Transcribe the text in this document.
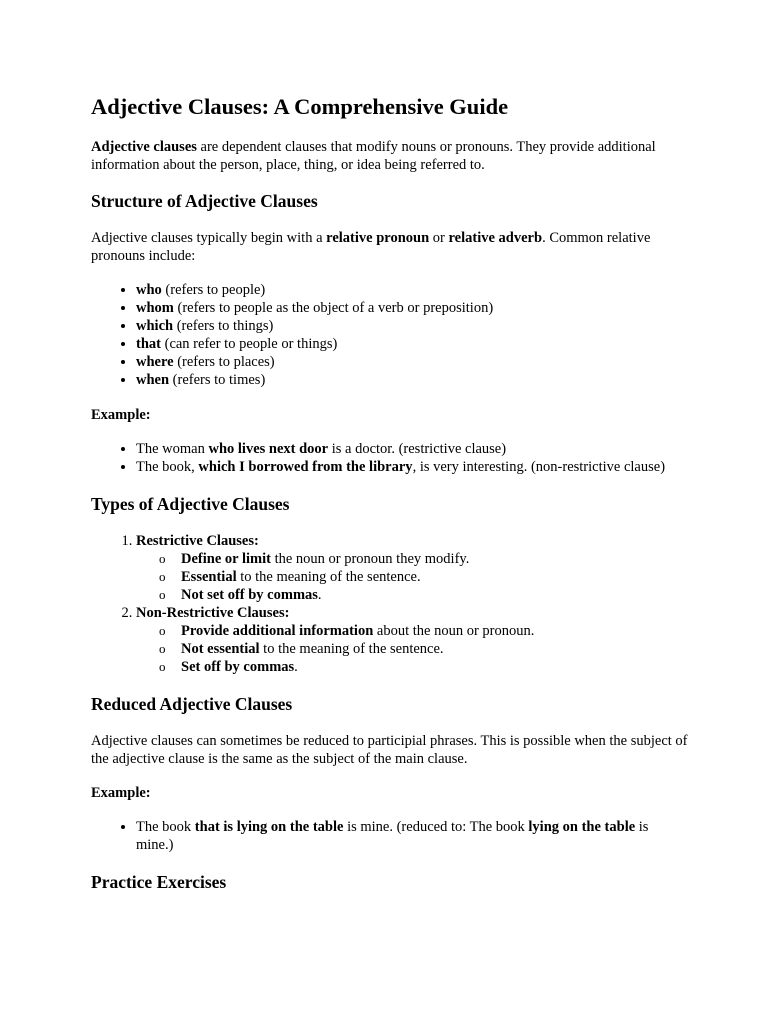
Adjective Clauses: A Comprehensive Guide

Adjective clauses are dependent clauses that modify nouns or pronouns. They provide additional information about the person, place, thing, or idea being referred to.

Structure of Adjective Clauses

Adjective clauses typically begin with a relative pronoun or relative adverb. Common relative pronouns include:

• who (refers to people)
• whom (refers to people as the object of a verb or preposition)
• which (refers to things)
• that (can refer to people or things)
• where (refers to places)
• when (refers to times)

Example:

• The woman who lives next door is a doctor. (restrictive clause)
• The book, which I borrowed from the library, is very interesting. (non-restrictive clause)
Types of Adjective Clauses
1. Restrictive Clauses:
o Define or limit the noun or pronoun they modify.
o Essential to the meaning of the sentence.
o Not set off by commas.
2. Non-Restrictive Clauses:
o Provide additional information about the noun or pronoun.
o Not essential to the meaning of the sentence.
o Set off by commas.
Reduced Adjective Clauses

Adjective clauses can sometimes be reduced to participial phrases. This is possible when the subject of the adjective clause is the same as the subject of the main clause.

Example:

• The book that is lying on the table is mine. (reduced to: The book lying on the table is mine.)
Practice Exercises
